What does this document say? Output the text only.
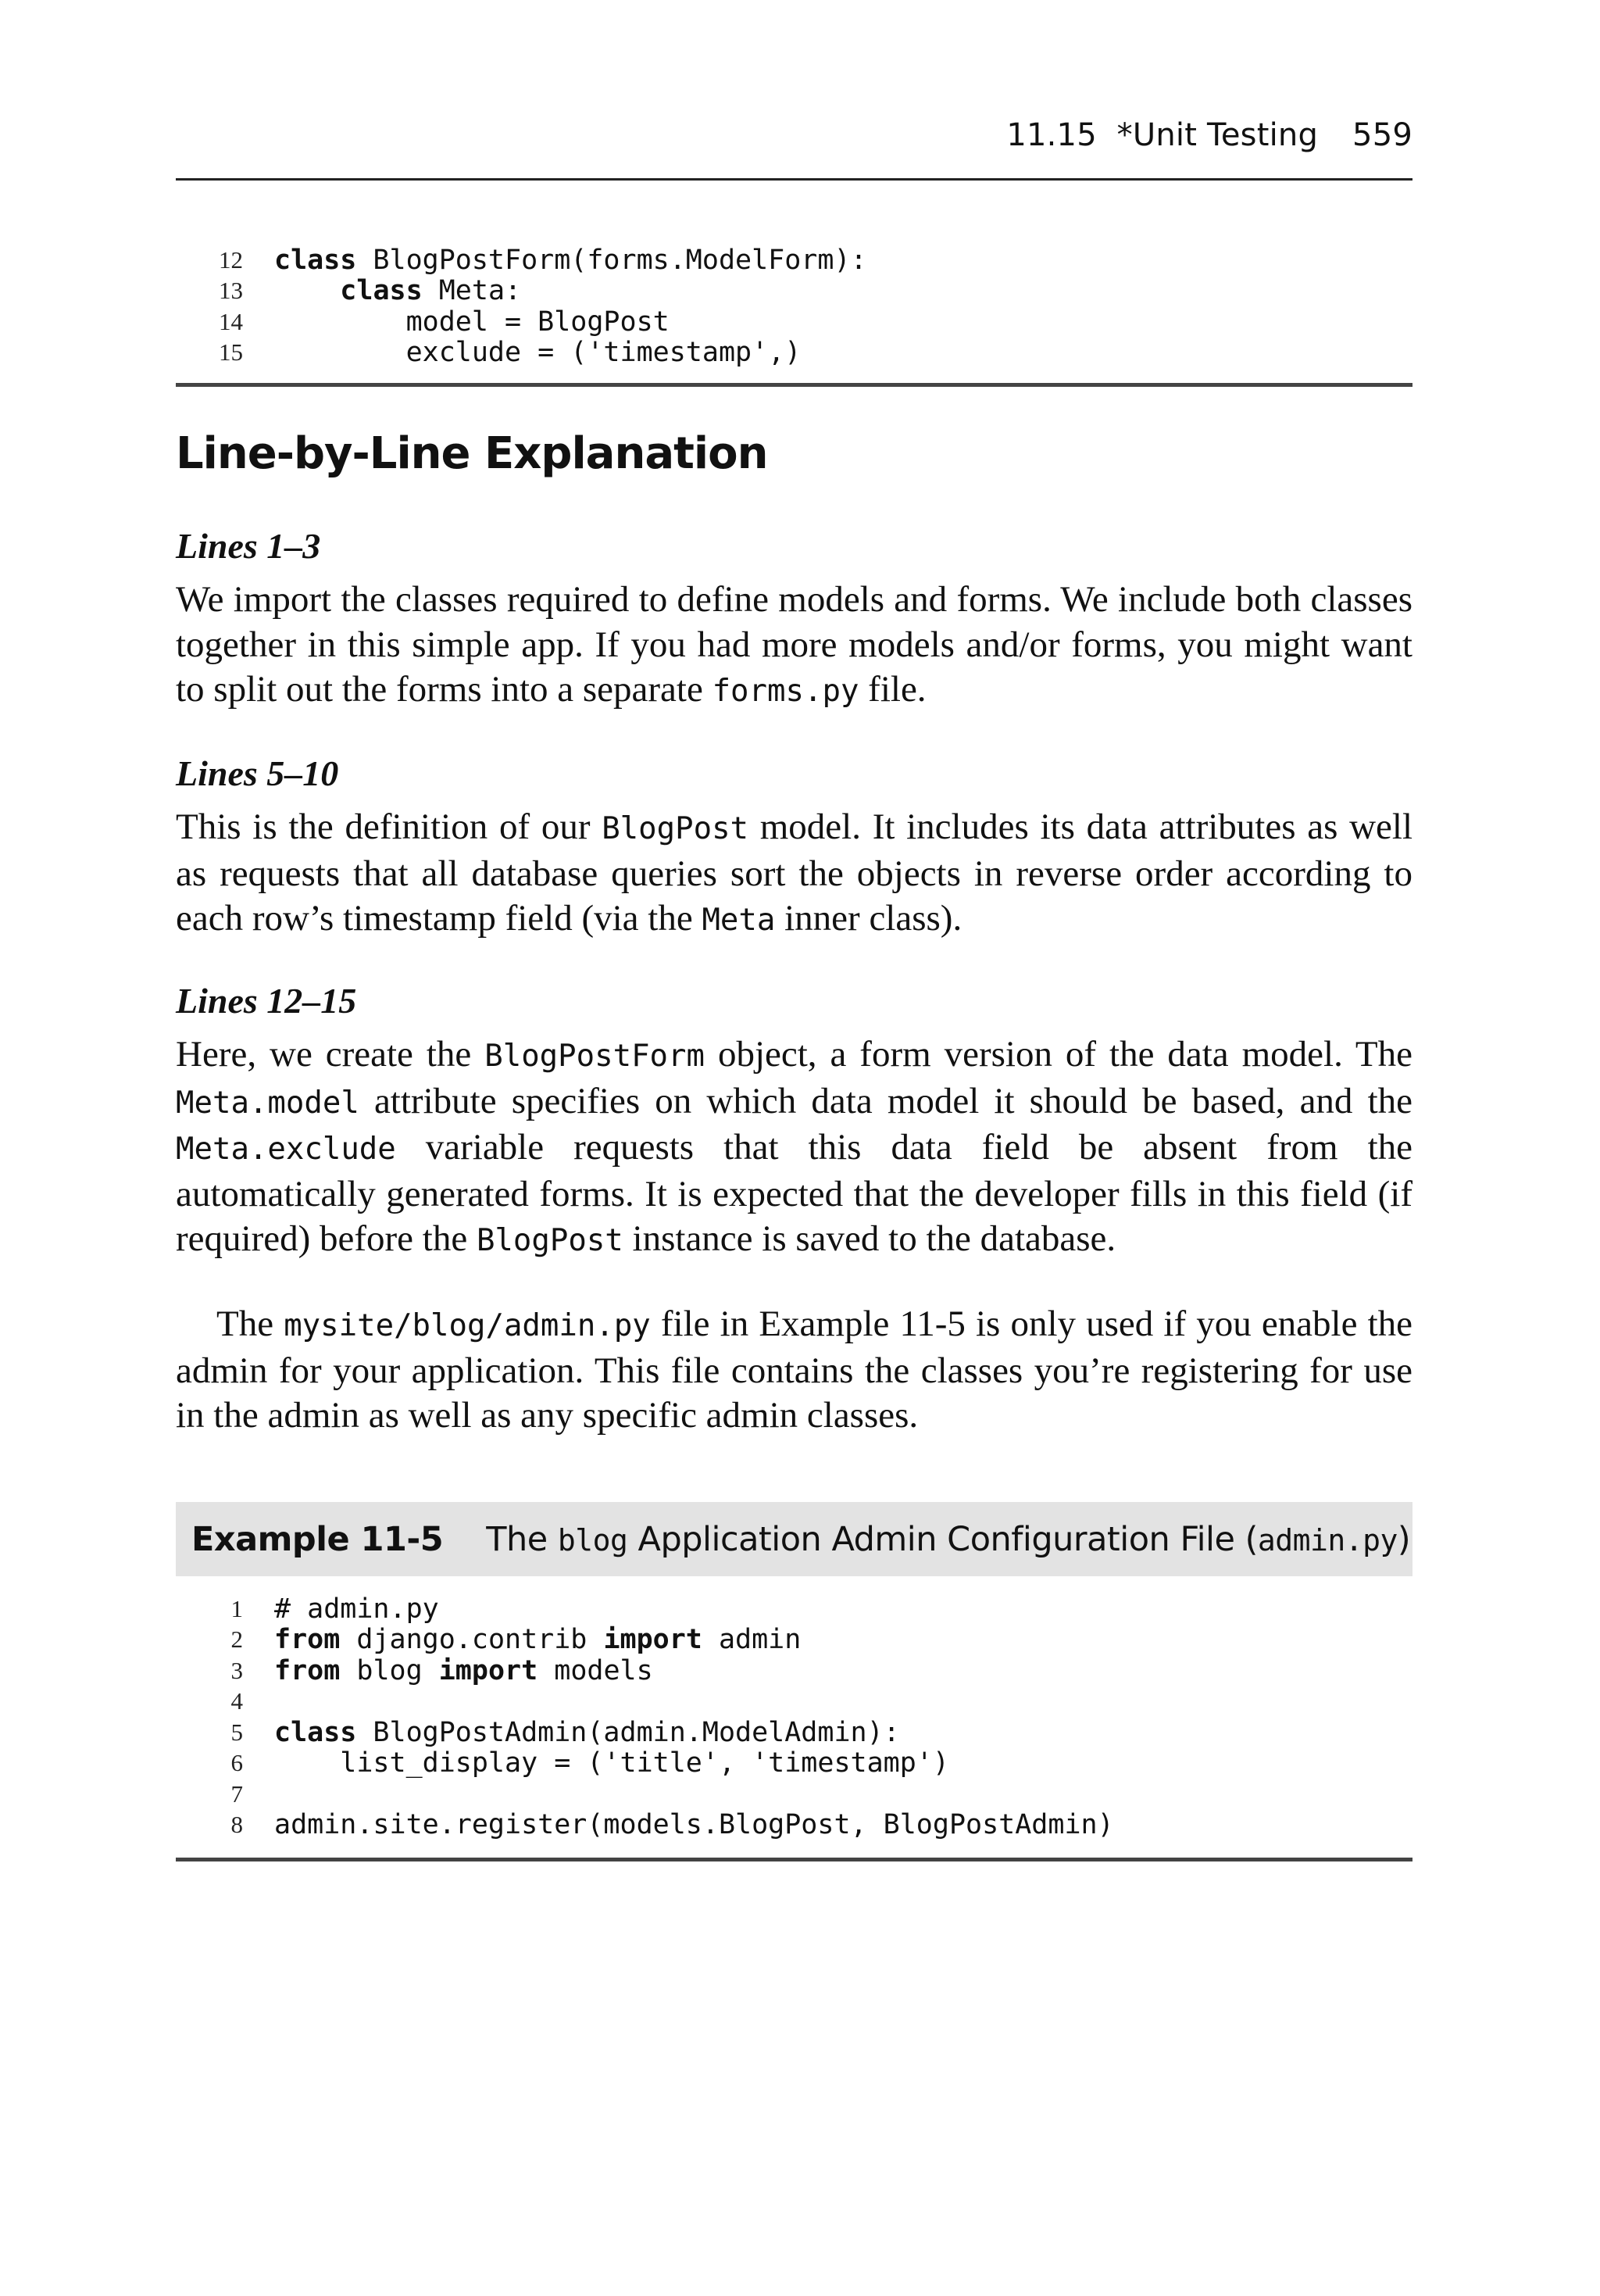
11.15  *Unit Testing 559
12	class BlogPostForm(forms.ModelForm):
13	class Meta:
14	model = BlogPost
15	exclude = ('timestamp',)
Line-by-Line Explanation
Lines 1–3
We import the classes required to define models and forms. We include both classes together in this simple app. If you had more models and/or forms, you might want to split out the forms into a separate forms.py file.
Lines 5–10
This is the definition of our BlogPost model. It includes its data attributes as well as requests that all database queries sort the objects in reverse order according to each row’s timestamp field (via the Meta inner class).
Lines 12–15
Here, we create the BlogPostForm object, a form version of the data model. The Meta.model attribute specifies on which data model it should be based, and the Meta.exclude variable requests that this data field be absent from the automatically generated forms. It is expected that the developer fills in this field (if required) before the BlogPost instance is saved to the database.
The mysite/blog/admin.py file in Example 11-5 is only used if you enable the admin for your application. This file contains the classes you’re registering for use in the admin as well as any specific admin classes.
Example 11-5 The blog Application Admin Configuration File (admin.py)
1	# admin.py
2	from django.contrib import admin
3	from blog import models
4
5	class BlogPostAdmin(admin.ModelAdmin):
6	list_display = ('title', 'timestamp')
7
8	admin.site.register(models.BlogPost, BlogPostAdmin)
